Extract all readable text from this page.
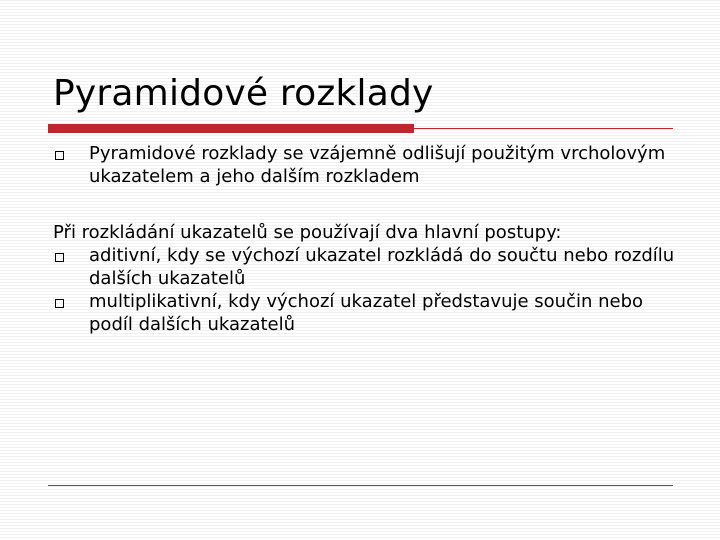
Pyramidové rozklady

Pyramidové rozklady se vzájemně odlišují použitým vrcholovým ukazatelem a jeho dalším rozkladem

Při rozkládání ukazatelů se používají dva hlavní postupy:

aditivní, kdy se výchozí ukazatel rozkládá do součtu nebo rozdílu dalších ukazatelů

multiplikativní, kdy výchozí ukazatel představuje součin nebo podíl dalších ukazatelů
